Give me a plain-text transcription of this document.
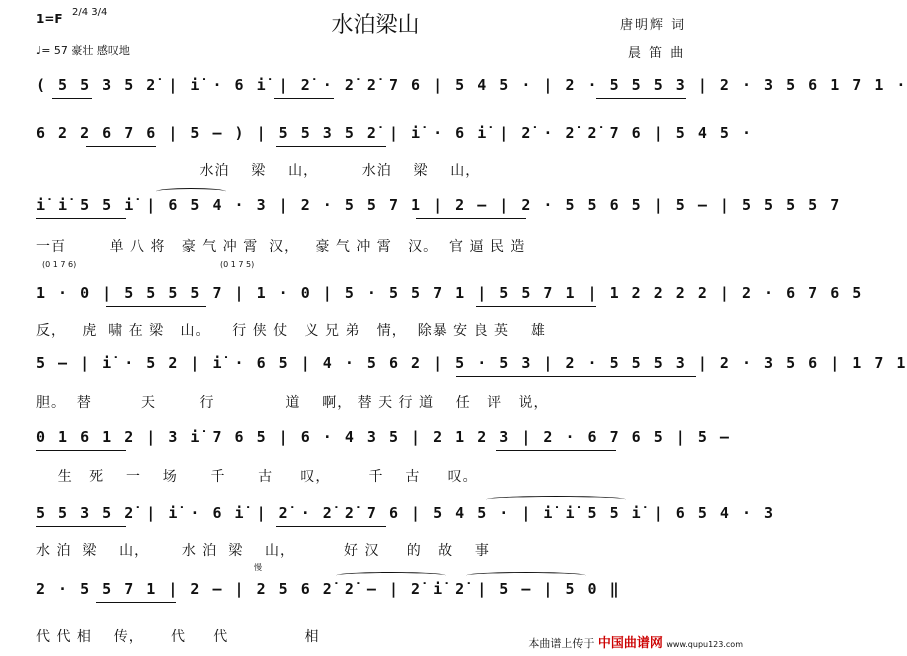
水泊梁山
1=F 2/4 3/4
♩= 57 豪壮 感叹地
唐明辉 词
晨 笛 曲
( 5 5 3 5 2̇ | i̇ · 6 i̇ | 2̇ · 2̇ 2̇ 7 6 | 5 4 5 · | 2 · 5 5 5 3 | 2 · 3 5 6 1 7 1 ·
6 2 2 6 7 6 | 5 – ) | 5 5 3 5 2̇ | i̇ · 6 i̇ | 2̇ · 2̇ 2̇ 7 6 | 5 4 5 ·
水泊    梁    山，        水泊    梁    山，
i̇ i̇ 5 5 i̇ | 6 5 4 · 3 | 2 · 5 5 7 1 | 2 – | 2 · 5 5 6 5 | 5 – | 5 5 5 5 7
一百        单 八 将   豪 气 冲 霄  汉，   豪 气 冲 霄   汉。  官 逼 民 造
(0 1 7 6)	(0 1 7 5)
1 · 0 | 5 5 5 5 7 | 1 · 0 | 5 · 5 5 7 1 | 5 5 7 1 | 1 2 2 2 2 | 2 · 6 7 6 5
反，   虎  啸 在 梁   山。    行 侠 仗   义 兄 弟   情，  除暴 安 良 英    雄
5 – | i̇ · 5 2 | i̇ · 6 5 | 4 · 5 6 2 | 5 · 5 3 | 2 · 5 5 5 3 | 2 · 3 5 6 | 1 7 1
胆。  替         天        行             道    啊， 替 天 行 道    任   评   说，
0 1 6 1 2 | 3 i̇ 7 6 5 | 6 · 4 3 5 | 2 1 2 3 | 2 · 6 7 6 5 | 5 –
生   死    一    场      千      古     叹，       千    古     叹。
5 5 3 5 2̇ | i̇ · 6 i̇ | 2̇ · 2̇ 2̇ 7 6 | 5 4 5 · | i̇ i̇ 5 5 i̇ | 6 5 4 · 3
水 泊  梁    山，      水 泊  梁    山，         好 汉     的   故    事
慢
2 · 5 5 7 1 | 2 – | 2 5 6 2̇ 2̇ – | 2̇ i̇ 2̇ | 5 – | 5 0 ‖
代 代 相    传，     代     代              相	本曲谱上传于 中国曲谱网 www.qupu123.com
